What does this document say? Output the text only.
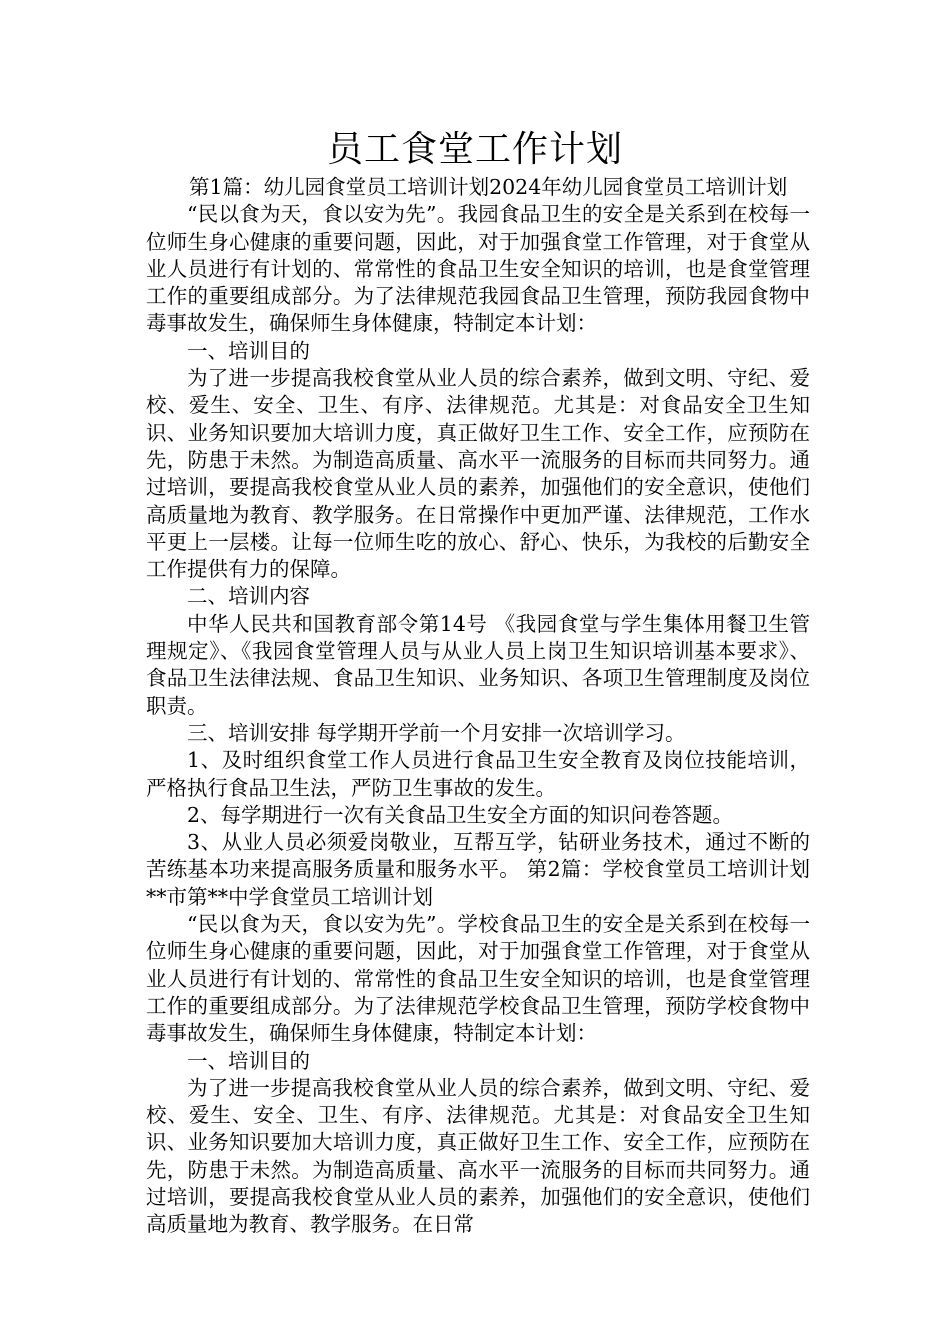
员工食堂工作计划

第1篇：幼儿园食堂员工培训计划2024年幼儿园食堂员工培训计划

“民以食为天，食以安为先”。我园食品卫生的安全是关系到在校每一位师生身心健康的重要问题，因此，对于加强食堂工作管理，对于食堂从业人员进行有计划的、常常性的食品卫生安全知识的培训，也是食堂管理工作的重要组成部分。为了法律规范我园食品卫生管理，预防我园食物中毒事故发生，确保师生身体健康，特制定本计划：

一、培训目的

为了进一步提高我校食堂从业人员的综合素养，做到文明、守纪、爱校、爱生、安全、卫生、有序、法律规范。尤其是：对食品安全卫生知识、业务知识要加大培训力度，真正做好卫生工作、安全工作，应预防在先，防患于未然。为制造高质量、高水平一流服务的目标而共同努力。通过培训，要提高我校食堂从业人员的素养，加强他们的安全意识，使他们高质量地为教育、教学服务。在日常操作中更加严谨、法律规范，工作水平更上一层楼。让每一位师生吃的放心、舒心、快乐，为我校的后勤安全工作提供有力的保障。

二、培训内容

中华人民共和国教育部令第14号 《我园食堂与学生集体用餐卫生管理规定》、《我园食堂管理人员与从业人员上岗卫生知识培训基本要求》、食品卫生法律法规、食品卫生知识、业务知识、各项卫生管理制度及岗位职责。

三、培训安排 每学期开学前一个月安排一次培训学习。

1、及时组织食堂工作人员进行食品卫生安全教育及岗位技能培训，严格执行食品卫生法，严防卫生事故的发生。

2、每学期进行一次有关食品卫生安全方面的知识问卷答题。

3、从业人员必须爱岗敬业，互帮互学，钻研业务技术，通过不断的苦练基本功来提高服务质量和服务水平。 第2篇：学校食堂员工培训计划**市第**中学食堂员工培训计划

“民以食为天，食以安为先”。学校食品卫生的安全是关系到在校每一位师生身心健康的重要问题，因此，对于加强食堂工作管理，对于食堂从业人员进行有计划的、常常性的食品卫生安全知识的培训，也是食堂管理工作的重要组成部分。为了法律规范学校食品卫生管理，预防学校食物中毒事故发生，确保师生身体健康，特制定本计划：

一、培训目的

为了进一步提高我校食堂从业人员的综合素养，做到文明、守纪、爱校、爱生、安全、卫生、有序、法律规范。尤其是：对食品安全卫生知识、业务知识要加大培训力度，真正做好卫生工作、安全工作，应预防在先，防患于未然。为制造高质量、高水平一流服务的目标而共同努力。通过培训，要提高我校食堂从业人员的素养，加强他们的安全意识，使他们高质量地为教育、教学服务。在日常
